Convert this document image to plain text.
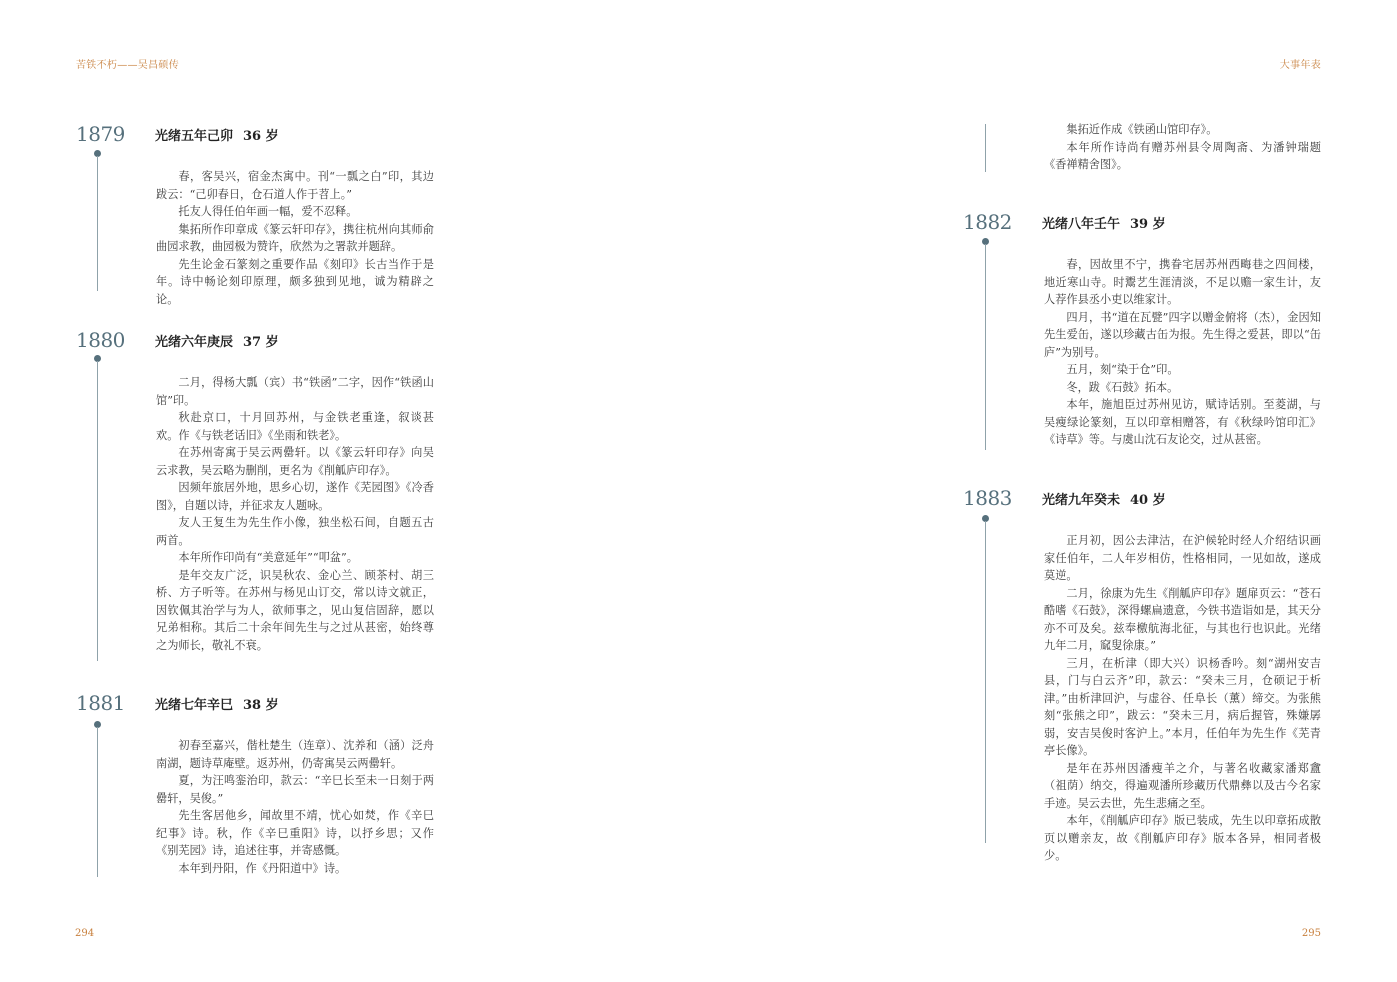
苦铁不朽——吴昌硕传
1879 光绪五年己卯 36 岁

春，客吴兴，宿金杰寓中。刊“一瓢之白”印，其边跋云：“己卯春日，仓石道人作于苕上。”

托友人得任伯年画一幅，爱不忍释。

集拓所作印章成《篆云轩印存》，携往杭州向其师俞曲园求教，曲园极为赞许，欣然为之署款并题辞。

先生论金石篆刻之重要作品《刻印》长古当作于是年。诗中畅论刻印原理，颇多独到见地，诚为精辟之论。

1880 光绪六年庚辰 37 岁

二月，得杨大瓢（宾）书“铁函”二字，因作“铁函山馆”印。

秋赴京口，十月回苏州，与金铁老重逢，叙谈甚欢。作《与铁老话旧》《坐雨和铁老》。

在苏州寄寓于吴云两罍轩。以《篆云轩印存》向吴云求教，吴云略为删削，更名为《削觚庐印存》。

因频年旅居外地，思乡心切，遂作《芜园图》《冷香图》，自题以诗，并征求友人题咏。

友人王复生为先生作小像，独坐松石间，自题五古两首。

本年所作印尚有“美意延年”“叩盆”。

是年交友广泛，识吴秋农、金心兰、顾茶村、胡三桥、方子听等。在苏州与杨见山订交，常以诗文就正，因钦佩其治学与为人，欲师事之，见山复信固辞，愿以兄弟相称。其后二十余年间先生与之过从甚密，始终尊之为师长，敬礼不衰。

1881 光绪七年辛巳 38 岁

初春至嘉兴，偕杜楚生（连章）、沈养和（涵）泛舟南湖，题诗草庵壁。返苏州，仍寄寓吴云两罍轩。

夏，为汪鸣銮治印，款云：“辛巳长至未一日刻于两罍轩，吴俊。”

先生客居他乡，闻故里不靖，忧心如焚，作《辛巳纪事》诗。秋，作《辛巳重阳》诗，以抒乡思；又作《别芜园》诗，追述往事，并寄感慨。

本年到丹阳，作《丹阳道中》诗。

294
大事年表

集拓近作成《铁函山馆印存》。

本年所作诗尚有赠苏州县令周陶斋、为潘钟瑞题《香禅精舍图》。

1882 光绪八年壬午 39 岁

春，因故里不宁，携眷宅居苏州西畮巷之四间楼，地近寒山寺。时鬻艺生涯清淡，不足以赡一家生计，友人荐作县丞小吏以维家计。

四月，书“道在瓦甓”四字以赠金俯将（杰），金因知先生爱缶，遂以珍藏古缶为报。先生得之爱甚，即以“缶庐”为别号。

五月，刻“染于仓”印。

冬，跋《石鼓》拓本。

本年，施旭臣过苏州见访，赋诗话别。至菱湖，与吴瘦绿论篆刻，互以印章相赠答，有《秋绿吟馆印汇》《诗草》等。与虞山沈石友论交，过从甚密。

1883 光绪九年癸未 40 岁

正月初，因公去津沽，在沪候轮时经人介绍结识画家任伯年，二人年岁相仿，性格相同，一见如故，遂成莫逆。

二月，徐康为先生《削觚庐印存》题扉页云：“苍石酷嗜《石鼓》，深得螺扁遗意，今铁书造诣如是，其天分亦不可及矣。兹奉檄航海北征，与其也行也识此。光绪九年二月，窳叟徐康。”

三月，在析津（即大兴）识杨香吟。刻“湖州安吉县，门与白云齐”印，款云：“癸未三月，仓硕记于析津。”由析津回沪，与虚谷、任阜长（薰）缔交。为张熊刻“张熊之印”，跋云：“癸未三月，病后握管，殊嫌孱弱，安吉吴俊时客沪上。”本月，任伯年为先生作《芜青亭长像》。

是年在苏州因潘瘦羊之介，与著名收藏家潘郑盦（祖荫）纳交，得遍观潘所珍藏历代鼎彝以及古今名家手迹。吴云去世，先生悲痛之至。

本年，《削觚庐印存》版已装成，先生以印章拓成散页以赠亲友，故《削觚庐印存》版本各异，相同者极少。

295
